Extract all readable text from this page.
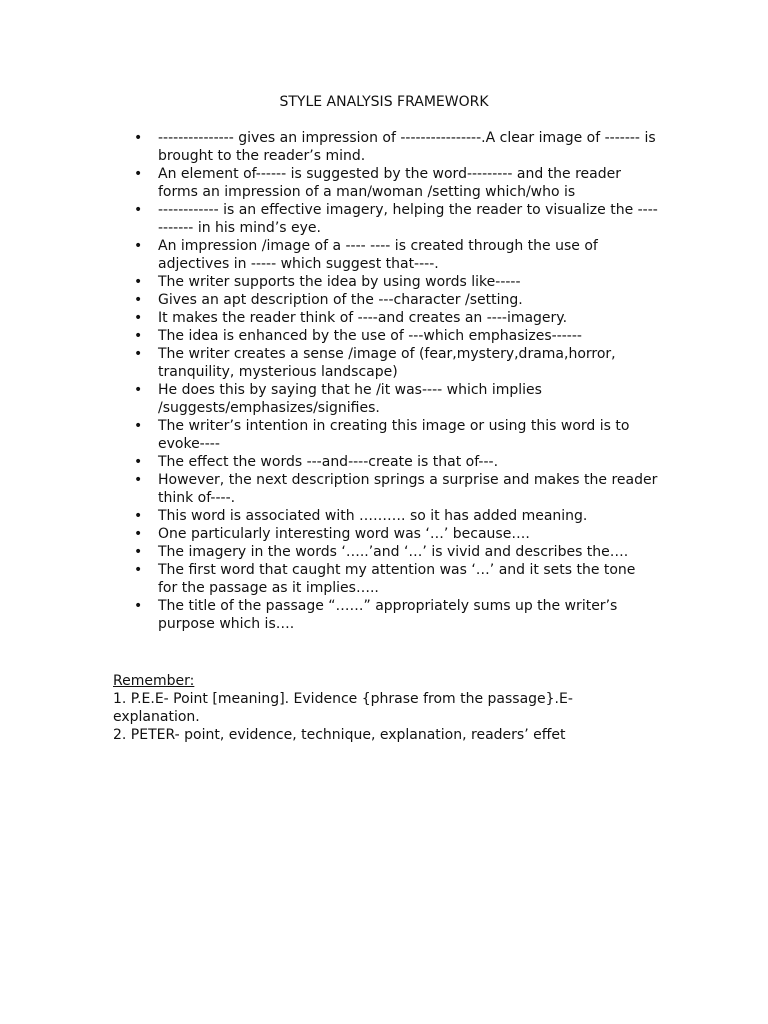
STYLE ANALYSIS FRAMEWORK
• --------------- gives an impression of ----------------.A clear image of ------- is brought to the reader’s mind.
• An element of------ is suggested by the word--------- and the reader forms an impression of a man/woman /setting which/who is
• ------------ is an effective imagery, helping the reader to visualize the ----------- in his mind’s eye.
• An impression /image of a ---- ---- is created through the use of adjectives in ----- which suggest that----.
• The writer supports the idea by using words like-----
• Gives an apt description of the ---character /setting.
• It makes the reader think of ----and creates an ----imagery.
• The idea is enhanced by the use of ---which emphasizes------
• The writer creates a sense /image of (fear,mystery,drama,horror, tranquility, mysterious landscape)
• He does this by saying that he /it was---- which implies /suggests/emphasizes/signifies.
• The writer’s intention in creating this image or using this word is to evoke----
• The effect the words ---and----create is that of---.
• However, the next description springs a surprise and makes the reader think of----.
• This word is associated with ………. so it has added meaning.
• One particularly interesting word was ‘…’ because….
• The imagery in the words ‘…..’and ‘…’ is vivid and describes the….
• The first word that caught my attention was ‘…’ and it sets the tone for the passage as it implies…..
• The title of the passage “……” appropriately sums up the writer’s purpose which is….

Remember:

1. P.E.E- Point [meaning]. Evidence {phrase from the passage}.E-explanation.

2. PETER- point, evidence, technique, explanation, readers’ effet
